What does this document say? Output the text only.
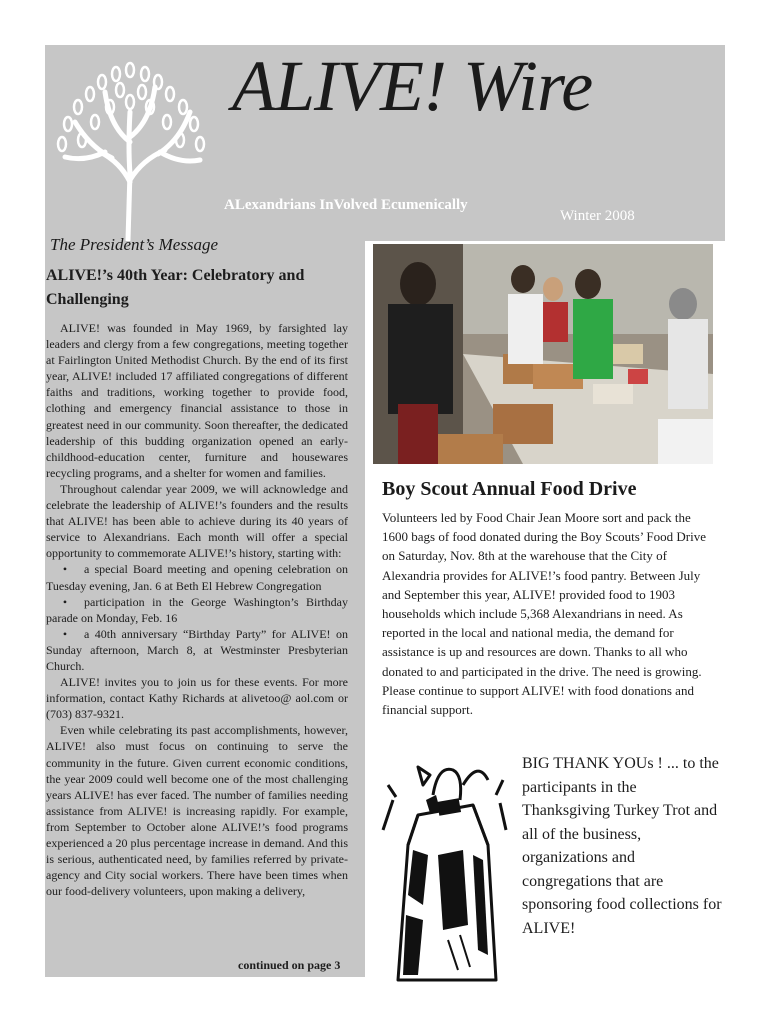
ALIVE! Wire
ALexandrians InVolved Ecumenically
Winter 2008
The President’s Message
ALIVE!’s 40th Year: Celebratory and Challenging

ALIVE! was founded in May 1969, by farsighted lay leaders and clergy from a few congregations, meeting together at Fairlington United Methodist Church. By the end of its first year, ALIVE! included 17 affiliated congregations of different faiths and traditions, working together to provide food, clothing and emergency financial assistance to those in greatest need in our community. Soon thereafter, the dedicated leadership of this budding organization opened an early-childhood-education center, furniture and housewares recycling programs, and a shelter for women and families.

Throughout calendar year 2009, we will acknowledge and celebrate the leadership of ALIVE!’s founders and the results that ALIVE! has been able to achieve during its 40 years of service to Alexandrians. Each month will offer a special opportunity to commemorate ALIVE!’s history, starting with:

• a special Board meeting and opening celebration on Tuesday evening, Jan. 6 at Beth El Hebrew Congregation

• participation in the George Washington’s Birthday parade on Monday, Feb. 16

• a 40th anniversary “Birthday Party” for ALIVE! on Sunday afternoon, March 8, at Westminster Presbyterian Church.

ALIVE! invites you to join us for these events. For more information, contact Kathy Richards at alivetoo@ aol.com or (703) 837-9321.

Even while celebrating its past accomplishments, however, ALIVE! also must focus on continuing to serve the community in the future. Given current economic conditions, the year 2009 could well become one of the most challenging years ALIVE! has ever faced. The number of families needing assistance from ALIVE! is increasing rapidly. For example, from September to October alone ALIVE!’s food programs experienced a 20 plus percentage increase in demand. And this is serious, authenticated need, by families referred by private-agency and City social workers. There have been times when our food-delivery volunteers, upon making a delivery,

continued on page 3
Boy Scout Annual Food Drive

Volunteers led by Food Chair Jean Moore sort and pack the 1600 bags of food donated during the Boy Scouts’ Food Drive on Saturday, Nov. 8th at the warehouse that the City of Alexandria provides for ALIVE!’s food pantry. Between July and September this year, ALIVE! provided food to 1903 households which include 5,368 Alexandrians in need. As reported in the local and national media, the demand for assistance is up and resources are down. Thanks to all who donated to and participated in the drive. The need is growing. Please continue to support ALIVE! with food donations and financial support.

BIG THANK YOUs ! ... to the participants in the Thanksgiving Turkey Trot and all of the business, organizations and congregations that are sponsoring food collections for ALIVE!
